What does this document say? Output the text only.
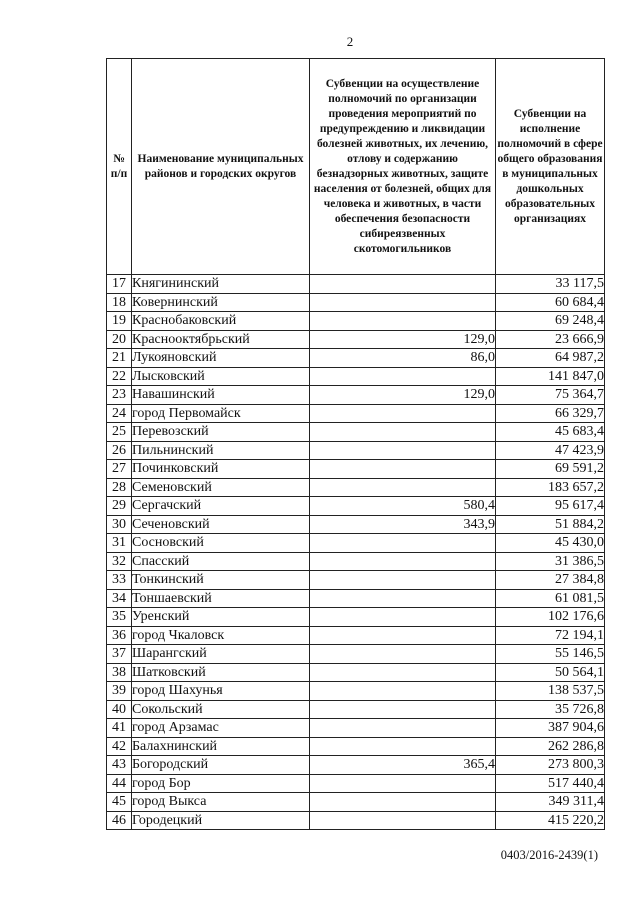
2
№ п/п	Наименование муниципальных районов и городских округов	Субвенции на осуществление полномочий по организации проведения мероприятий по предупреждению и ликвидации болезней животных, их лечению, отлову и содержанию безнадзорных животных, защите населения от болезней, общих для человека и животных, в части обеспечения безопасности сибиреязвенных скотомогильников	Субвенции на исполнение полномочий в сфере общего образования в муниципальных дошкольных образовательных организациях
17	Княгининский		33 117,5
18	Ковернинский		60 684,4
19	Краснобаковский		69 248,4
20	Краснооктябрьский	129,0	23 666,9
21	Лукояновский	86,0	64 987,2
22	Лысковский		141 847,0
23	Навашинский	129,0	75 364,7
24	город Первомайск		66 329,7
25	Перевозский		45 683,4
26	Пильнинский		47 423,9
27	Починковский		69 591,2
28	Семеновский		183 657,2
29	Сергачский	580,4	95 617,4
30	Сеченовский	343,9	51 884,2
31	Сосновский		45 430,0
32	Спасский		31 386,5
33	Тонкинский		27 384,8
34	Тоншаевский		61 081,5
35	Уренский		102 176,6
36	город Чкаловск		72 194,1
37	Шарангский		55 146,5
38	Шатковский		50 564,1
39	город Шахунья		138 537,5
40	Сокольский		35 726,8
41	город Арзамас		387 904,6
42	Балахнинский		262 286,8
43	Богородский	365,4	273 800,3
44	город Бор		517 440,4
45	город Выкса		349 311,4
46	Городецкий		415 220,2
0403/2016-2439(1)
